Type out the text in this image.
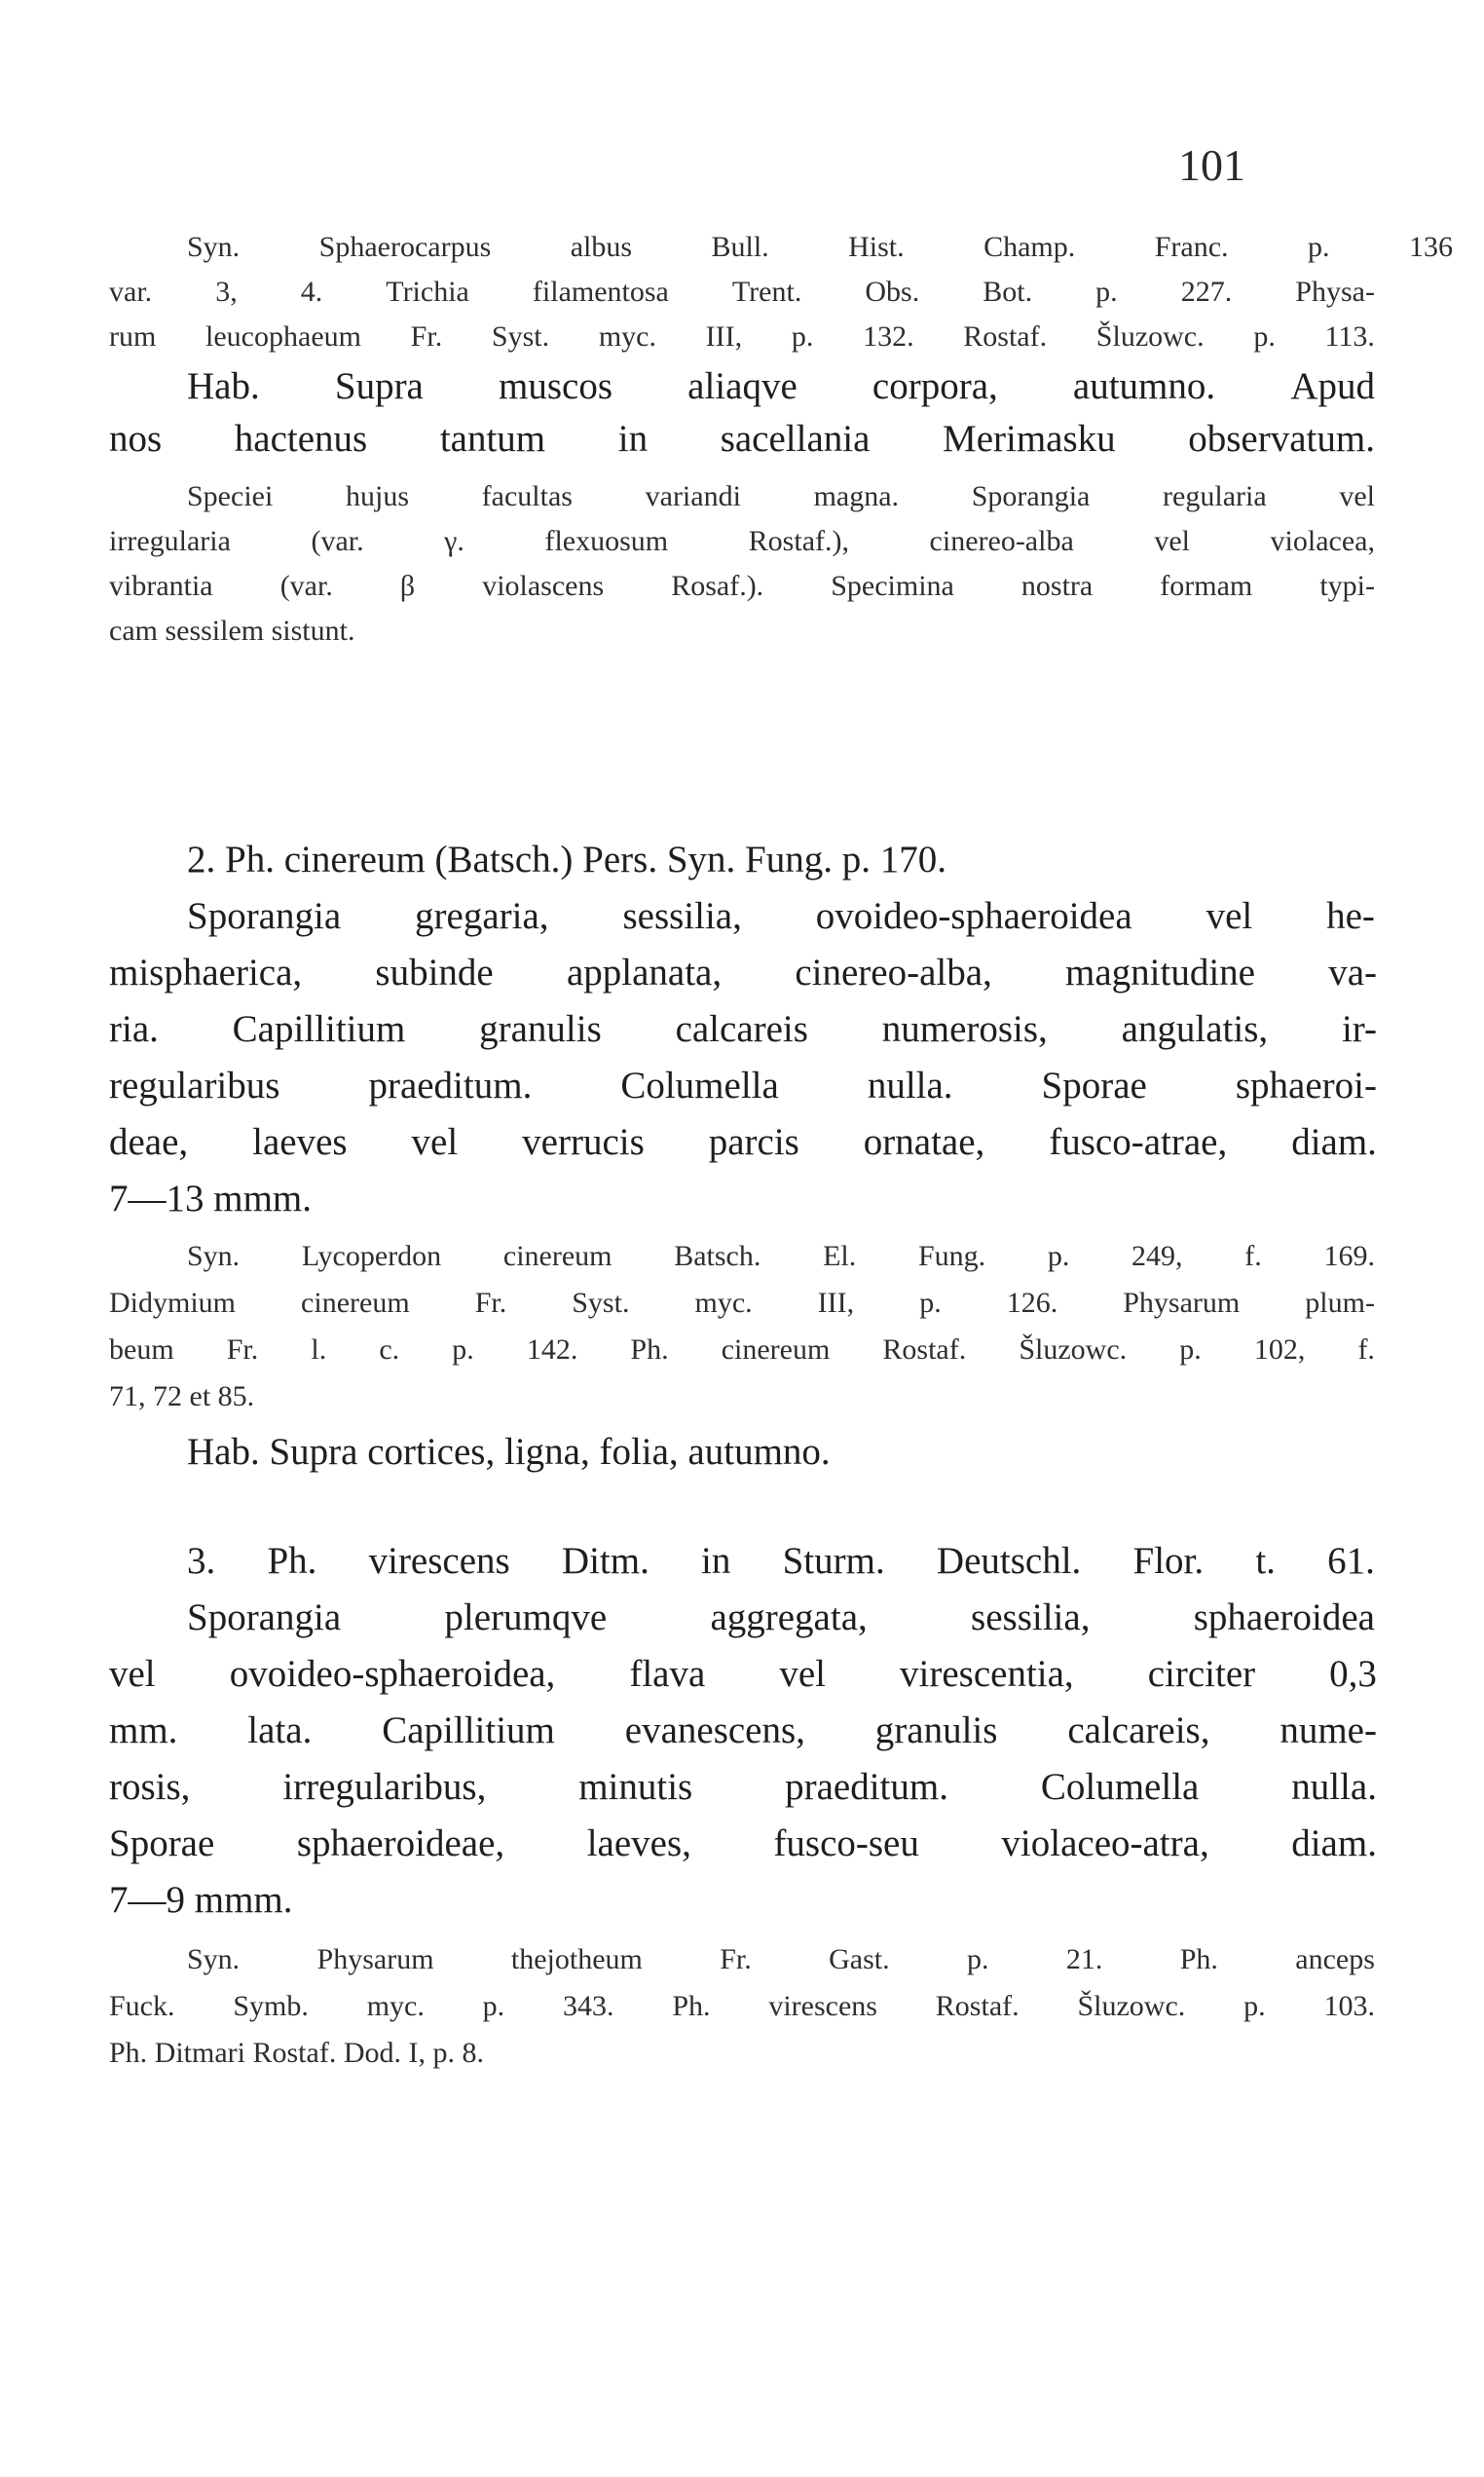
101

Syn.	Sphaerocarpus	albus	Bull.	Hist.	Champ.	Franc.	p.	136

var. 3, 4. Trichia filamentosa Trent. Obs. Bot. p. 227. Physa-

rum leucophaeum Fr. Syst. myc. III, p. 132. Rostaf. Šluzowc. p. 113.

Hab. Supra muscos aliaqve corpora, autumno. Apud

nos hactenus tantum in sacellania Merimasku observatum.

Speciei hujus facultas variandi magna. Sporangia regularia vel

irregularia	(var.	γ.	flexuosum	Rostaf.),	cinereo-alba	vel	violacea,

vibrantia (var. β violascens Rosaf.). Specimina nostra formam typi-

cam sessilem sistunt.

2. Ph. cinereum (Batsch.) Pers. Syn. Fung. p. 170.

Sporangia gregaria, sessilia, ovoideo-sphaeroidea vel he-

misphaerica, subinde applanata, cinereo-alba, magnitudine va-

ria. Capillitium granulis calcareis numerosis, angulatis, ir-

regularibus praeditum. Columella nulla. Sporae sphaeroi-

deae, laeves vel verrucis parcis ornatae, fusco-atrae, diam.

7—13 mmm.

Syn. Lycoperdon cinereum Batsch. El. Fung. p. 249, f. 169.

Didymium cinereum Fr. Syst. myc. III, p. 126. Physarum plum-

beum Fr. l. c. p. 142. Ph. cinereum Rostaf. Šluzowc. p. 102, f.

71, 72 et 85.

Hab. Supra cortices, ligna, folia, autumno.

3. Ph. virescens Ditm. in Sturm. Deutschl. Flor. t. 61.

Sporangia	plerumqve	aggregata,	sessilia,	sphaeroidea

vel ovoideo-sphaeroidea, flava vel virescentia, circiter 0,3

mm. lata. Capillitium evanescens, granulis calcareis, nume-

rosis, irregularibus, minutis praeditum. Columella nulla.

Sporae sphaeroideae, laeves, fusco-seu violaceo-atra, diam.

7—9 mmm.

Syn.	Physarum	thejotheum	Fr.	Gast.	p.	21.	Ph.	anceps

Fuck. Symb. myc. p. 343. Ph. virescens Rostaf. Šluzowc. p. 103.

Ph. Ditmari Rostaf. Dod. I, p. 8.
